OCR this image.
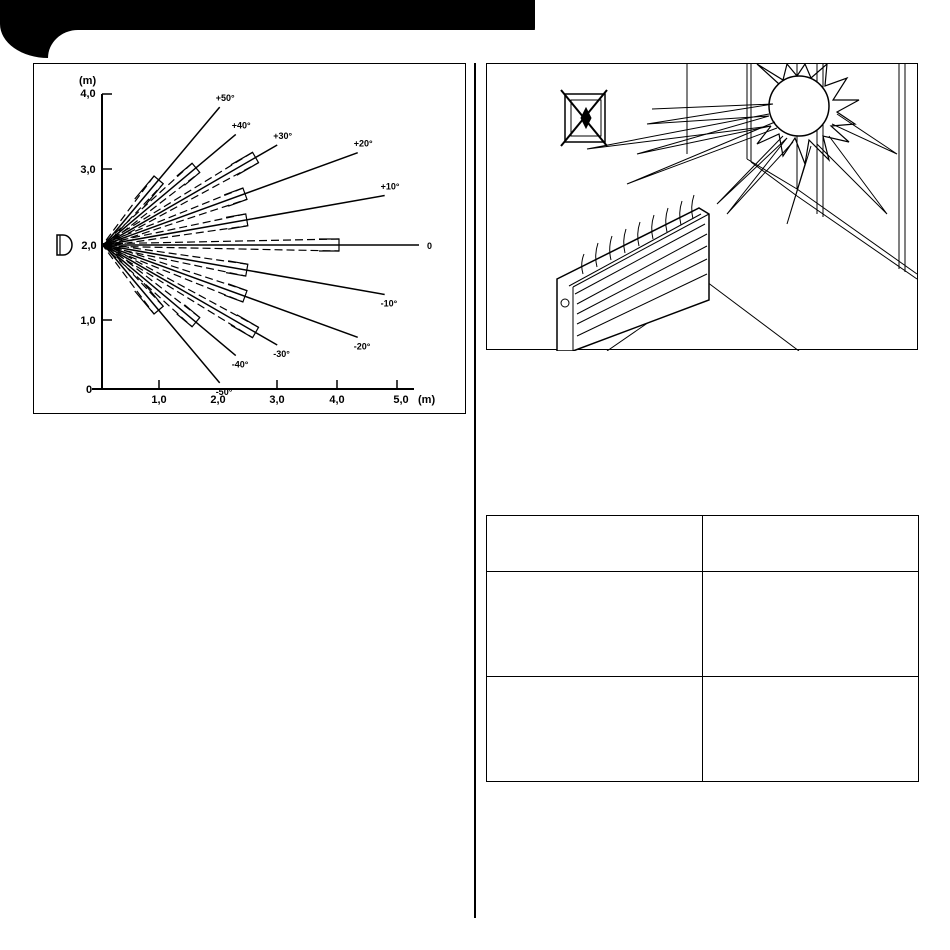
(m)
(m)
0
1,0
3,0
4,0
1,0	2,0	3,0	4,0	5,0
2,0
+50°
+40°
+30°
+20°
+10°
0
-10°
-20°
-30°
-40°
-50°
